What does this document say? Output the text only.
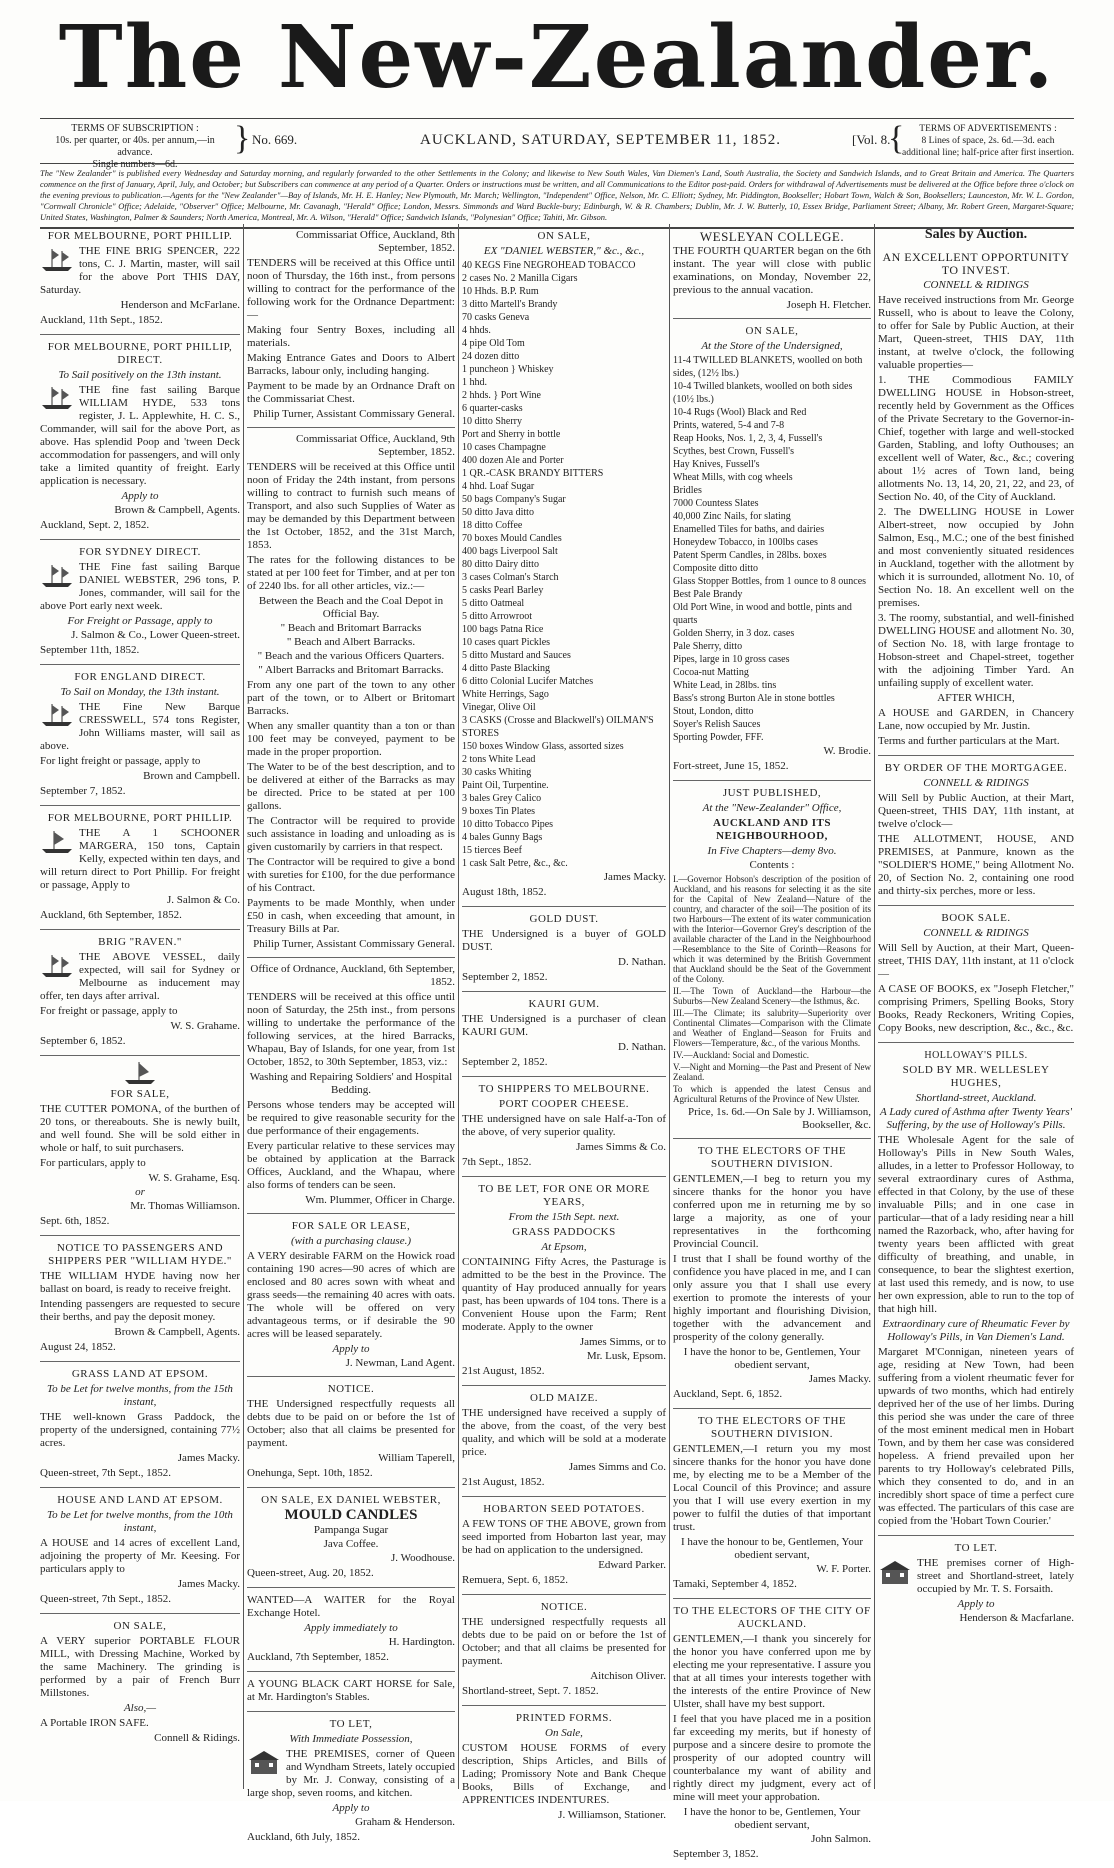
The New-Zealander.
TERMS OF SUBSCRIPTION :
10s. per quarter, or 40s. per annum,—in advance.
Single numbers—6d.
} No. 669.	AUCKLAND, SATURDAY, SEPTEMBER 11, 1852.	[Vol. 8.
{	TERMS OF ADVERTISEMENTS :
8 Lines of space, 2s. 6d.—3d. each additional line; half-price after first insertion.
The "New Zealander" is published every Wednesday and Saturday morning, and regularly forwarded to the other Settlements in the Colony; and likewise to New South Wales, Van Diemen's Land, South Australia, the Society and Sandwich Islands, and to Great Britain and America. The Quarters commence on the first of January, April, July, and October; but Subscribers can commence at any period of a Quarter. Orders or instructions must be written, and all Communications to the Editor post-paid. Orders for withdrawal of Advertisements must be delivered at the Office before three o'clock on the evening previous to publication.—Agents for the "New Zealander"—Bay of Islands, Mr. H. E. Hanley; New Plymouth, Mr. March; Wellington, "Independent" Office, Nelson, Mr. C. Elliott; Sydney, Mr. Piddington, Bookseller; Hobart Town, Walch & Son, Booksellers; Launceston, Mr. W. L. Gordon, "Cornwall Chronicle" Office; Adelaide, "Observer" Office; Melbourne, Mr. Cavanagh, "Herald" Office; London, Messrs. Simmonds and Ward Buckle-bury; Edinburgh, W. & R. Chambers; Dublin, Mr. J. W. Butterly, 10, Essex Bridge, Parliament Street; Albany, Mr. Robert Green, Margaret-Square; United States, Washington, Palmer & Saunders; North America, Montreal, Mr. A. Wilson, "Herald" Office; Sandwich Islands, "Polynesian" Office; Tahiti, Mr. Gibson.
FOR MELBOURNE, PORT PHILLIP.
THE FINE BRIG SPENCER, 222 tons, C. J. Martin, master, will sail for the above Port THIS DAY, Saturday.
Henderson and McFarlane.
Auckland, 11th Sept., 1852.
FOR MELBOURNE, PORT PHILLIP, DIRECT.
To Sail positively on the 13th instant.
THE fine fast sailing Barque WILLIAM HYDE, 533 tons register, J. L. Applewhite, H. C. S., Commander, will sail for the above Port, as above. Has splendid Poop and 'tween Deck accommodation for passengers, and will only take a limited quantity of freight. Early application is necessary.
Apply to
Brown & Campbell, Agents.
Auckland, Sept. 2, 1852.
FOR SYDNEY DIRECT.
THE Fine fast sailing Barque DANIEL WEBSTER, 296 tons, P. Jones, commander, will sail for the above Port early next week.
For Freight or Passage, apply to
J. Salmon & Co., Lower Queen-street.
September 11th, 1852.
FOR ENGLAND DIRECT.
To Sail on Monday, the 13th instant.
THE Fine New Barque CRESSWELL, 574 tons Register, John Williams master, will sail as above.
For light freight or passage, apply to
Brown and Campbell.
September 7, 1852.
FOR MELBOURNE, PORT PHILLIP.
THE A 1 SCHOONER MARGERA, 150 tons, Captain Kelly, expected within ten days, and will return direct to Port Phillip. For freight or passage, Apply to
J. Salmon & Co.
Auckland, 6th September, 1852.
BRIG "RAVEN."
THE ABOVE VESSEL, daily expected, will sail for Sydney or Melbourne as inducement may offer, ten days after arrival.
For freight or passage, apply to
W. S. Grahame.
September 6, 1852.
FOR SALE,
THE CUTTER POMONA, of the burthen of 20 tons, or thereabouts. She is newly built, and well found. She will be sold either in whole or half, to suit purchasers.
For particulars, apply to
W. S. Grahame, Esq.
or
Mr. Thomas Williamson.
Sept. 6th, 1852.
NOTICE TO PASSENGERS AND SHIPPERS PER "WILLIAM HYDE."
THE WILLIAM HYDE having now her ballast on board, is ready to receive freight.
Intending passengers are requested to secure their berths, and pay the deposit money.
Brown & Campbell, Agents.
August 24, 1852.
GRASS LAND AT EPSOM.
To be Let for twelve months, from the 15th instant,
THE well-known Grass Paddock, the property of the undersigned, containing 77½ acres.
James Macky.
Queen-street, 7th Sept., 1852.
HOUSE AND LAND AT EPSOM.
To be Let for twelve months, from the 10th instant,
A HOUSE and 14 acres of excellent Land, adjoining the property of Mr. Keesing. For particulars apply to
James Macky.
Queen-street, 7th Sept., 1852.
ON SALE,
A VERY superior PORTABLE FLOUR MILL, with Dressing Machine, Worked by the same Machinery. The grinding is performed by a pair of French Burr Millstones.
Also,—
A Portable IRON SAFE.
Connell & Ridings.
Commissariat Office, Auckland, 8th September, 1852.
TENDERS will be received at this Office until noon of Thursday, the 16th inst., from persons willing to contract for the performance of the following work for the Ordnance Department:—
Making four Sentry Boxes, including all materials.
Making Entrance Gates and Doors to Albert Barracks, labour only, including hanging.
Payment to be made by an Ordnance Draft on the Commissariat Chest.
Philip Turner, Assistant Commissary General.
Commissariat Office, Auckland, 9th September, 1852.
TENDERS will be received at this Office until noon of Friday the 24th instant, from persons willing to contract to furnish such means of Transport, and also such Supplies of Water as may be demanded by this Department between the 1st October, 1852, and the 31st March, 1853.
The rates for the following distances to be stated at per 100 feet for Timber, and at per ton of 2240 lbs. for all other articles, viz.:—
Between the Beach and the Coal Depot in Official Bay.
" Beach and Britomart Barracks
" Beach and Albert Barracks.
" Beach and the various Officers Quarters.
" Albert Barracks and Britomart Barracks.
From any one part of the town to any other part of the town, or to Albert or Britomart Barracks.
When any smaller quantity than a ton or than 100 feet may be conveyed, payment to be made in the proper proportion.
The Water to be of the best description, and to be delivered at either of the Barracks as may be directed. Price to be stated at per 100 gallons.
The Contractor will be required to provide such assistance in loading and unloading as is given customarily by carriers in that respect.
The Contractor will be required to give a bond with sureties for £100, for the due performance of his Contract.
Payments to be made Monthly, when under £50 in cash, when exceeding that amount, in Treasury Bills at Par.
Philip Turner, Assistant Commissary General.
Office of Ordnance, Auckland, 6th September, 1852.
TENDERS will be received at this office until noon of Saturday, the 25th inst., from persons willing to undertake the performance of the following services, at the hired Barracks, Whapau, Bay of Islands, for one year, from 1st October, 1852, to 30th September, 1853, viz.:
Washing and Repairing Soldiers' and Hospital Bedding.
Persons whose tenders may be accepted will be required to give reasonable security for the due performance of their engagements.
Every particular relative to these services may be obtained by application at the Barrack Offices, Auckland, and the Whapau, where also forms of tenders can be seen.
Wm. Plummer, Officer in Charge.
FOR SALE OR LEASE,
(with a purchasing clause.)
A VERY desirable FARM on the Howick road containing 190 acres—90 acres of which are enclosed and 80 acres sown with wheat and grass seeds—the remaining 40 acres with oats. The whole will be offered on very advantageous terms, or if desirable the 90 acres will be leased separately.
Apply to
J. Newman, Land Agent.
NOTICE.
THE Undersigned respectfully requests all debts due to be paid on or before the 1st of October; also that all claims be presented for payment.
William Taperell,
Onehunga, Sept. 10th, 1852.
ON SALE, EX DANIEL WEBSTER,
MOULD CANDLES
Pampanga Sugar
Java Coffee.
J. Woodhouse.
Queen-street, Aug. 20, 1852.
WANTED—A WAITER for the Royal Exchange Hotel.
Apply immediately to
H. Hardington.
Auckland, 7th September, 1852.
A YOUNG BLACK CART HORSE for Sale, at Mr. Hardington's Stables.
TO LET,
With Immediate Possession,
THE PREMISES, corner of Queen and Wyndham Streets, lately occupied by Mr. J. Conway, consisting of a large shop, seven rooms, and kitchen.
Apply to
Graham & Henderson.
Auckland, 6th July, 1852.
ON SALE,
EX "DANIEL WEBSTER," &c., &c.,
40 KEGS Fine NEGROHEAD TOBACCO
2 cases No. 2 Manilla Cigars
10 Hhds. B.P. Rum
3 ditto Martell's Brandy
70 casks Geneva
4 hhds.
4 pipe Old Tom
24 dozen ditto
1 puncheon } Whiskey
1 hhd.
2 hhds. } Port Wine
6 quarter-casks
10 ditto Sherry
Port and Sherry in bottle
10 cases Champagne
400 dozen Ale and Porter
1 QR.-CASK BRANDY BITTERS
4 hhd. Loaf Sugar
50 bags Company's Sugar
50 ditto Java ditto
18 ditto Coffee
70 boxes Mould Candles
400 bags Liverpool Salt
80 ditto Dairy ditto
3 cases Colman's Starch
5 casks Pearl Barley
5 ditto Oatmeal
5 ditto Arrowroot
100 bags Patna Rice
10 cases quart Pickles
5 ditto Mustard and Sauces
4 ditto Paste Blacking
6 ditto Colonial Lucifer Matches
White Herrings, Sago
Vinegar, Olive Oil
3 CASKS (Crosse and Blackwell's) OILMAN'S STORES
150 boxes Window Glass, assorted sizes
2 tons White Lead
30 casks Whiting
Paint Oil, Turpentine.
3 bales Grey Calico
9 boxes Tin Plates
10 ditto Tobacco Pipes
4 bales Gunny Bags
15 tierces Beef
1 cask Salt Petre, &c., &c.
James Macky.
August 18th, 1852.
GOLD DUST.
THE Undersigned is a buyer of GOLD DUST.
D. Nathan.
September 2, 1852.
KAURI GUM.
THE Undersigned is a purchaser of clean KAURI GUM.
D. Nathan.
September 2, 1852.
TO SHIPPERS TO MELBOURNE.
PORT COOPER CHEESE.
THE undersigned have on sale Half-a-Ton of the above, of very superior quality.
James Simms & Co.
7th Sept., 1852.
TO BE LET, FOR ONE OR MORE YEARS,
From the 15th Sept. next.
GRASS PADDOCKS
At Epsom,
CONTAINING Fifty Acres, the Pasturage is admitted to be the best in the Province. The quantity of Hay produced annually for years past, has been upwards of 104 tons. There is a Convenient House upon the Farm; Rent moderate. Apply to the owner
James Simms, or to
Mr. Lusk, Epsom.
21st August, 1852.
OLD MAIZE.
THE undersigned have received a supply of the above, from the coast, of the very best quality, and which will be sold at a moderate price.
James Simms and Co.
21st August, 1852.
HOBARTON SEED POTATOES.
A FEW TONS OF THE ABOVE, grown from seed imported from Hobarton last year, may be had on application to the undersigned.
Edward Parker.
Remuera, Sept. 6, 1852.
NOTICE.
THE undersigned respectfully requests all debts due to be paid on or before the 1st of October; and that all claims be presented for payment.
Aitchison Oliver.
Shortland-street, Sept. 7. 1852.
PRINTED FORMS.
On Sale,
CUSTOM HOUSE FORMS of every description, Ships Articles, and Bills of Lading; Promissory Note and Bank Cheque Books, Bills of Exchange, and APPRENTICES INDENTURES.
J. Williamson, Stationer.
WESLEYAN COLLEGE.
THE FOURTH QUARTER began on the 6th instant. The year will close with public examinations, on Monday, November 22, previous to the annual vacation.
Joseph H. Fletcher.
ON SALE,
At the Store of the Undersigned,
11-4 TWILLED BLANKETS, woolled on both sides, (12½ lbs.)
10-4 Twilled blankets, woolled on both sides (10½ lbs.)
10-4 Rugs (Wool) Black and Red
Prints, watered, 5-4 and 7-8
Reap Hooks, Nos. 1, 2, 3, 4, Fussell's
Scythes, best Crown, Fussell's
Hay Knives, Fussell's
Wheat Mills, with cog wheels
Bridles
7000 Countess Slates
40,000 Zinc Nails, for slating
Enamelled Tiles for baths, and dairies
Honeydew Tobacco, in 100lbs cases
Patent Sperm Candles, in 28lbs. boxes
Composite ditto ditto
Glass Stopper Bottles, from 1 ounce to 8 ounces
Best Pale Brandy
Old Port Wine, in wood and bottle, pints and quarts
Golden Sherry, in 3 doz. cases
Pale Sherry, ditto
Pipes, large in 10 gross cases
Cocoa-nut Matting
White Lead, in 28lbs. tins
Bass's strong Burton Ale in stone bottles
Stout, London, ditto
Soyer's Relish Sauces
Sporting Powder, FFF.
W. Brodie.
Fort-street, June 15, 1852.
JUST PUBLISHED,
At the "New-Zealander" Office,
AUCKLAND AND ITS NEIGHBOURHOOD,
In Five Chapters—demy 8vo.
Contents :
I.—Governor Hobson's description of the position of Auckland, and his reasons for selecting it as the site for the Capital of New Zealand—Nature of the country, and character of the soil—The position of its two Harbours—The extent of its water communication with the Interior—Governor Grey's description of the available character of the Land in the Neighbourhood—Resemblance to the Site of Corinth—Reasons for which it was determined by the British Government that Auckland should be the Seat of the Government of the Colony.
II.—The Town of Auckland—the Harbour—the Suburbs—New Zealand Scenery—the Isthmus, &c.
III.—The Climate; its salubrity—Superiority over Continental Climates—Comparison with the Climate and Weather of England—Season for Fruits and Flowers—Temperature, &c., of the various Months.
IV.—Auckland: Social and Domestic.
V.—Night and Morning—the Past and Present of New Zealand.
To which is appended the latest Census and Agricultural Returns of the Province of New Ulster.
Price, 1s. 6d.—On Sale by J. Williamson, Bookseller, &c.
TO THE ELECTORS OF THE SOUTHERN DIVISION.
GENTLEMEN,—I beg to return you my sincere thanks for the honor you have conferred upon me in returning me by so large a majority, as one of your representatives in the forthcoming Provincial Council.
I trust that I shall be found worthy of the confidence you have placed in me, and I can only assure you that I shall use every exertion to promote the interests of your highly important and flourishing Division, together with the advancement and prosperity of the colony generally.
I have the honor to be, Gentlemen, Your obedient servant,
James Macky.
Auckland, Sept. 6, 1852.
TO THE ELECTORS OF THE SOUTHERN DIVISION.
GENTLEMEN,—I return you my most sincere thanks for the honor you have done me, by electing me to be a Member of the Local Council of this Province; and assure you that I will use every exertion in my power to fulfil the duties of that important trust.
I have the honour to be, Gentlemen, Your obedient servant,
W. F. Porter.
Tamaki, September 4, 1852.
TO THE ELECTORS OF THE CITY OF AUCKLAND.
GENTLEMEN,—I thank you sincerely for the honor you have conferred upon me by electing me your representative. I assure you that at all times your interests together with the interests of the entire Province of New Ulster, shall have my best support.
I feel that you have placed me in a position far exceeding my merits, but if honesty of purpose and a sincere desire to promote the prosperity of our adopted country will counterbalance my want of ability and rightly direct my judgment, every act of mine will meet your approbation.
I have the honor to be, Gentlemen, Your obedient servant,
John Salmon.
September 3, 1852.
Sales by Auction.
AN EXCELLENT OPPORTUNITY TO INVEST.
CONNELL & RIDINGS
Have received instructions from Mr. George Russell, who is about to leave the Colony, to offer for Sale by Public Auction, at their Mart, Queen-street, THIS DAY, 11th instant, at twelve o'clock, the following valuable properties—
1. THE Commodious FAMILY DWELLING HOUSE in Hobson-street, recently held by Government as the Offices of the Private Secretary to the Governor-in-Chief, together with large and well-stocked Garden, Stabling, and lofty Outhouses; an excellent well of Water, &c., &c.; covering about 1½ acres of Town land, being allotments No. 13, 14, 20, 21, 22, and 23, of Section No. 40, of the City of Auckland.
2. The DWELLING HOUSE in Lower Albert-street, now occupied by John Salmon, Esq., M.C.; one of the best finished and most conveniently situated residences in Auckland, together with the allotment by which it is surrounded, allotment No. 10, of Section No. 18. An excellent well on the premises.
3. The roomy, substantial, and well-finished DWELLING HOUSE and allotment No. 30, of Section No. 18, with large frontage to Hobson-street and Chapel-street, together with the adjoining Timber Yard. An unfailing supply of excellent water.
AFTER WHICH,
A HOUSE and GARDEN, in Chancery Lane, now occupied by Mr. Justin.
Terms and further particulars at the Mart.
BY ORDER OF THE MORTGAGEE.
CONNELL & RIDINGS
Will Sell by Public Auction, at their Mart, Queen-street, THIS DAY, 11th instant, at twelve o'clock—
THE ALLOTMENT, HOUSE, AND PREMISES, at Panmure, known as the "SOLDIER'S HOME," being Allotment No. 20, of Section No. 2, containing one rood and thirty-six perches, more or less.
BOOK SALE.
CONNELL & RIDINGS
Will Sell by Auction, at their Mart, Queen-street, THIS DAY, 11th instant, at 11 o'clock—
A CASE OF BOOKS, ex "Joseph Fletcher," comprising Primers, Spelling Books, Story Books, Ready Reckoners, Writing Copies, Copy Books, new description, &c., &c., &c.
HOLLOWAY'S PILLS.
SOLD BY MR. WELLESLEY HUGHES,
Shortland-street, Auckland.
A Lady cured of Asthma after Twenty Years' Suffering, by the use of Holloway's Pills.
THE Wholesale Agent for the sale of Holloway's Pills in New South Wales, alludes, in a letter to Professor Holloway, to several extraordinary cures of Asthma, effected in that Colony, by the use of these invaluable Pills; and in one case in particular—that of a lady residing near a hill named the Razorback, who, after having for twenty years been afflicted with great difficulty of breathing, and unable, in consequence, to bear the slightest exertion, at last used this remedy, and is now, to use her own expression, able to run to the top of that high hill.
Extraordinary cure of Rheumatic Fever by Holloway's Pills, in Van Diemen's Land.
Margaret M'Connigan, nineteen years of age, residing at New Town, had been suffering from a violent rheumatic fever for upwards of two months, which had entirely deprived her of the use of her limbs. During this period she was under the care of three of the most eminent medical men in Hobart Town, and by them her case was considered hopeless. A friend prevailed upon her parents to try Holloway's celebrated Pills, which they consented to do, and in an incredibly short space of time a perfect cure was effected. The particulars of this case are copied from the 'Hobart Town Courier.'
TO LET.
THE premises corner of High-street and Shortland-street, lately occupied by Mr. T. S. Forsaith.
Apply to
Henderson & Macfarlane.
